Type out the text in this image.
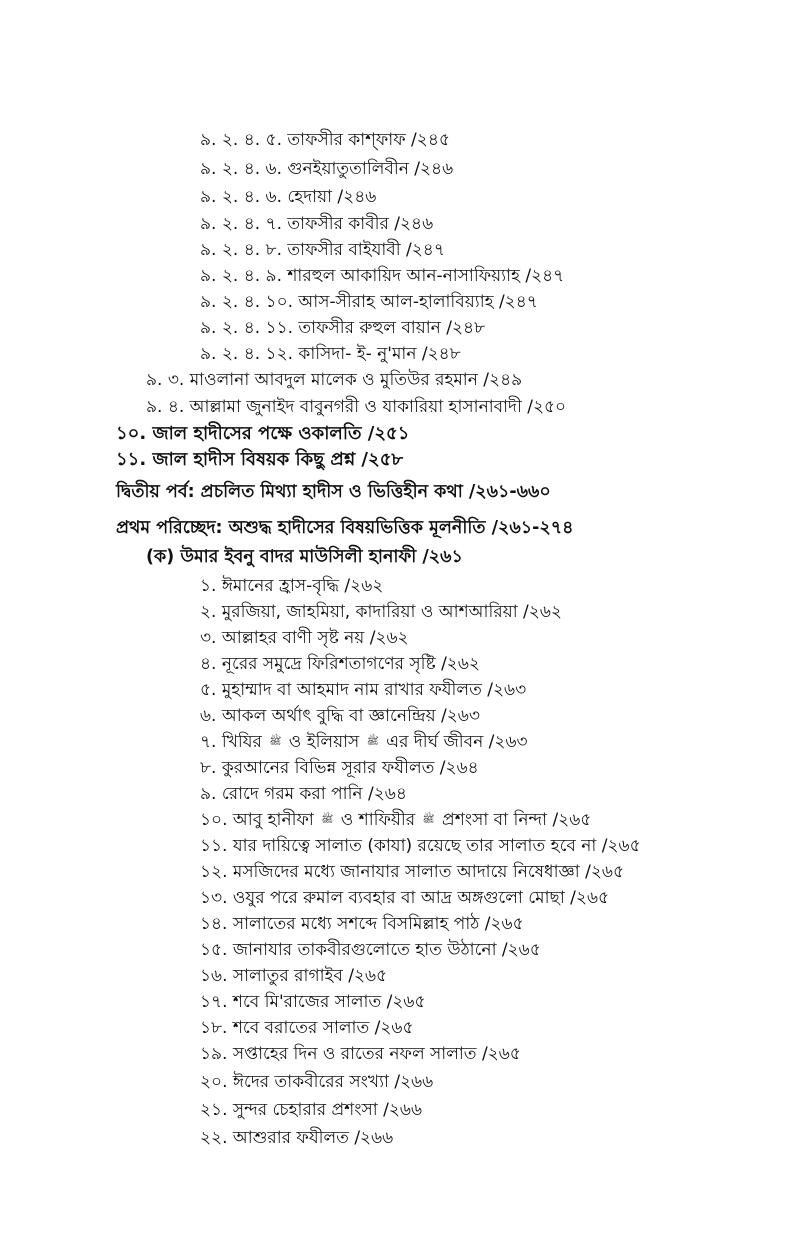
৯. ২. ৪. ৫. তাফসীর কাশ্‌ফাফ /২৪৫
৯. ২. ৪. ৬. গুনইয়াতুতালিবীন /২৪৬
৯. ২. ৪. ৬. হেদায়া /২৪৬
৯. ২. ৪. ৭. তাফসীর কাবীর /২৪৬
৯. ২. ৪. ৮. তাফসীর বাইযাবী /২৪৭
৯. ২. ৪. ৯. শারহুল আকায়িদ আন-নাসাফিয়্যাহ /২৪৭
৯. ২. ৪. ১০. আস-সীরাহ আল-হালাবিয়্যাহ /২৪৭
৯. ২. ৪. ১১. তাফসীর রুহুল বায়ান /২৪৮
৯. ২. ৪. ১২. কাসিদা- ই- নু'মান /২৪৮
৯. ৩. মাওলানা আবদুল মালেক ও মুতিউর রহমান /২৪৯
৯. ৪. আল্লামা জুনাইদ বাবুনগরী ও যাকারিয়া হাসানাবাদী /২৫০
১০. জাল হাদীসের পক্ষে ওকালতি /২৫১
১১. জাল হাদীস বিষয়ক কিছু প্রশ্ন /২৫৮
দ্বিতীয় পর্ব: প্রচলিত মিথ্যা হাদীস ও ভিত্তিহীন কথা /২৬১-৬৬০
প্রথম পরিচ্ছেদ: অশুদ্ধ হাদীসের বিষয়ভিত্তিক মূলনীতি /২৬১-২৭৪
(ক) উমার ইবনু বাদর মাউসিলী হানাফী /২৬১
১. ঈমানের হ্রাস-বৃদ্ধি /২৬২
২. মুরজিয়া, জাহমিয়া, কাদারিয়া ও আশআরিয়া /২৬২
৩. আল্লাহর বাণী সৃষ্ট নয় /২৬২
৪. নূরের সমুদ্রে ফিরিশতাগণের সৃষ্টি /২৬২
৫. মুহাম্মাদ বা আহমাদ নাম রাখার ফযীলত /২৬৩
৬. আকল অর্থাৎ বুদ্ধি বা জ্ঞানেন্দ্রিয় /২৬৩
৭. খিযির ﷺ ও ইলিয়াস ﷺ এর দীর্ঘ জীবন /২৬৩
৮. কুরআনের বিভিন্ন সূরার ফযীলত /২৬৪
৯. রোদে গরম করা পানি /২৬৪
১০. আবু হানীফা ﷺ ও শাফিয়ীর ﷺ প্রশংসা বা নিন্দা /২৬৫
১১. যার দায়িত্বে সালাত (কাযা) রয়েছে তার সালাত হবে না /২৬৫
১২. মসজিদের মধ্যে জানাযার সালাত আদায়ে নিষেধাজ্ঞা /২৬৫
১৩. ওযুর পরে রুমাল ব্যবহার বা আদ্র অঙ্গগুলো মোছা /২৬৫
১৪. সালাতের মধ্যে সশব্দে বিসমিল্লাহ পাঠ /২৬৫
১৫. জানাযার তাকবীরগুলোতে হাত উঠানো /২৬৫
১৬. সালাতুর রাগাইব /২৬৫
১৭. শবে মি'রাজের সালাত /২৬৫
১৮. শবে বরাতের সালাত /২৬৫
১৯. সপ্তাহের দিন ও রাতের নফল সালাত /২৬৫
২০. ঈদের তাকবীরের সংখ্যা /২৬৬
২১. সুন্দর চেহারার প্রশংসা /২৬৬
২২. আশুরার ফযীলত /২৬৬
